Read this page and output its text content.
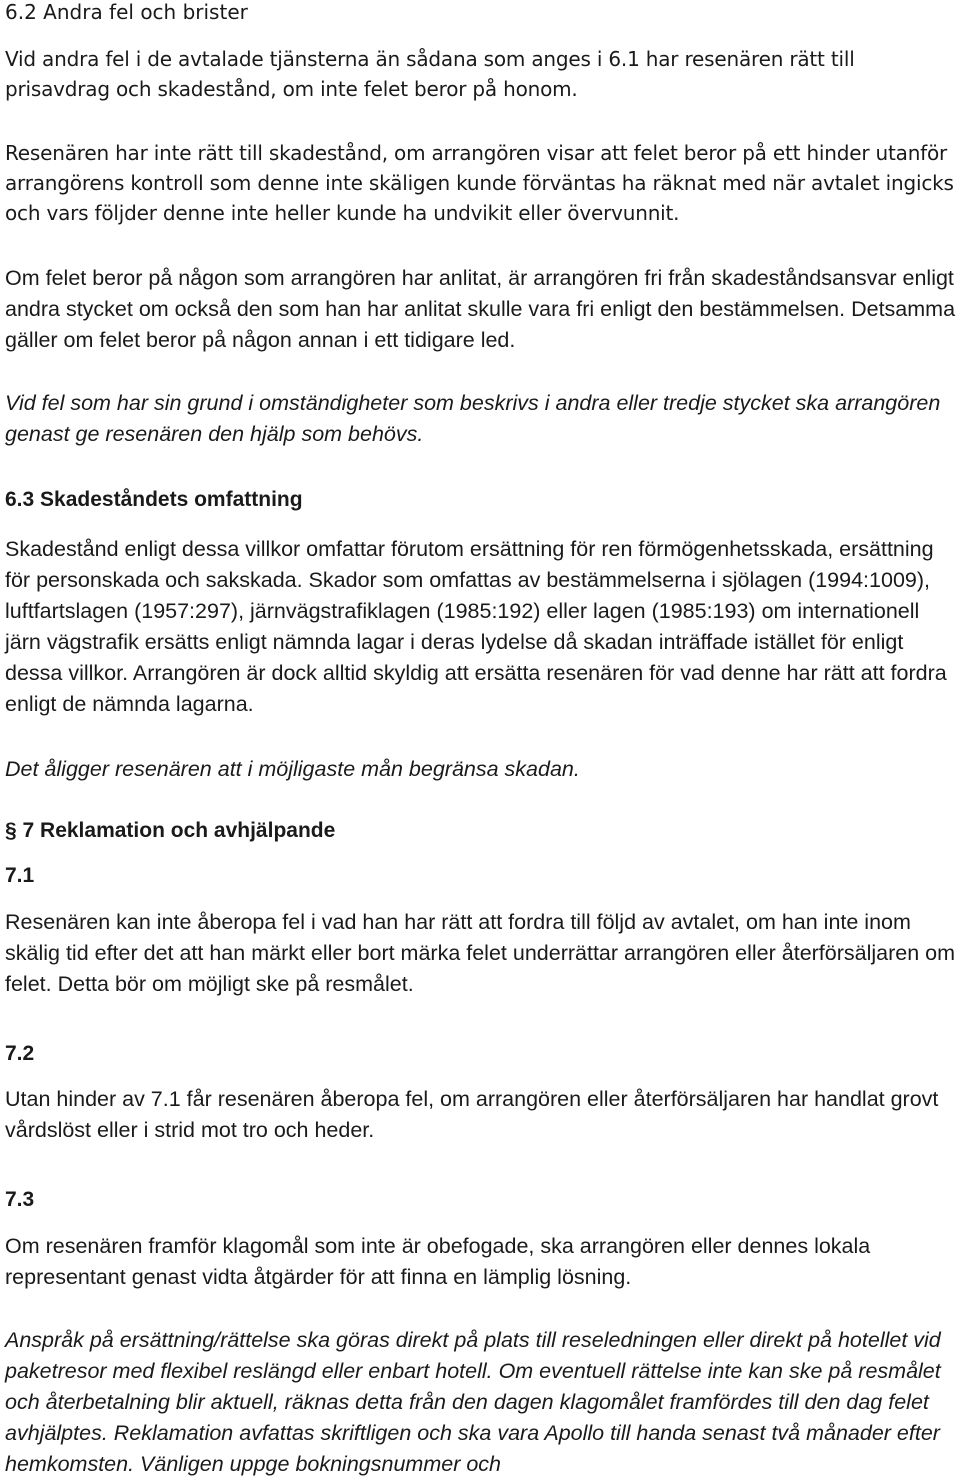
6.2 Andra fel och brister

Vid andra fel i de avtalade tjänsterna än sådana som anges i 6.1 har resenären rätt till prisavdrag och skadestånd, om inte felet beror på honom.

Resenären har inte rätt till skadestånd, om arrangören visar att felet beror på ett hinder utanför arrangörens kontroll som denne inte skäligen kunde förväntas ha räknat med när avtalet ingicks och vars följder denne inte heller kunde ha undvikit eller övervunnit.

Om felet beror på någon som arrangören har anlitat, är arrangören fri från skadeståndsansvar enligt andra stycket om också den som han har anlitat skulle vara fri enligt den bestämmelsen. Detsamma gäller om felet beror på någon annan i ett tidigare led.

Vid fel som har sin grund i omständigheter som beskrivs i andra eller tredje stycket ska arrangören genast ge resenären den hjälp som behövs.

6.3 Skadeståndets omfattning

Skadestånd enligt dessa villkor omfattar förutom ersättning för ren förmögenhetsskada, ersättning för personskada och sakskada. Skador som omfattas av bestämmelserna i sjölagen (1994:1009), luftfartslagen (1957:297), järnvägstrafiklagen (1985:192) eller lagen (1985:193) om internationell järn vägstrafik ersätts enligt nämnda lagar i deras lydelse då skadan inträffade istället för enligt dessa villkor. Arrangören är dock alltid skyldig att ersätta resenären för vad denne har rätt att fordra enligt de nämnda lagarna.

Det åligger resenären att i möjligaste mån begränsa skadan.

§ 7 Reklamation och avhjälpande

7.1

Resenären kan inte åberopa fel i vad han har rätt att fordra till följd av avtalet, om han inte inom skälig tid efter det att han märkt eller bort märka felet underrättar arrangören eller återförsäljaren om felet. Detta bör om möjligt ske på resmålet.

7.2

Utan hinder av 7.1 får resenären åberopa fel, om arrangören eller återförsäljaren har handlat grovt vårdslöst eller i strid mot tro och heder.

7.3

Om resenären framför klagomål som inte är obefogade, ska arrangören eller dennes lokala representant genast vidta åtgärder för att finna en lämplig lösning.

Anspråk på ersättning/rättelse ska göras direkt på plats till reseledningen eller direkt på hotellet vid paketresor med flexibel reslängd eller enbart hotell. Om eventuell rättelse inte kan ske på resmålet och återbetalning blir aktuell, räknas detta från den dagen klagomålet framfördes till den dag felet avhjälptes. Reklamation avfattas skriftligen och ska vara Apollo till handa senast två månader efter hemkomsten. Vänligen uppge bokningsnummer och
